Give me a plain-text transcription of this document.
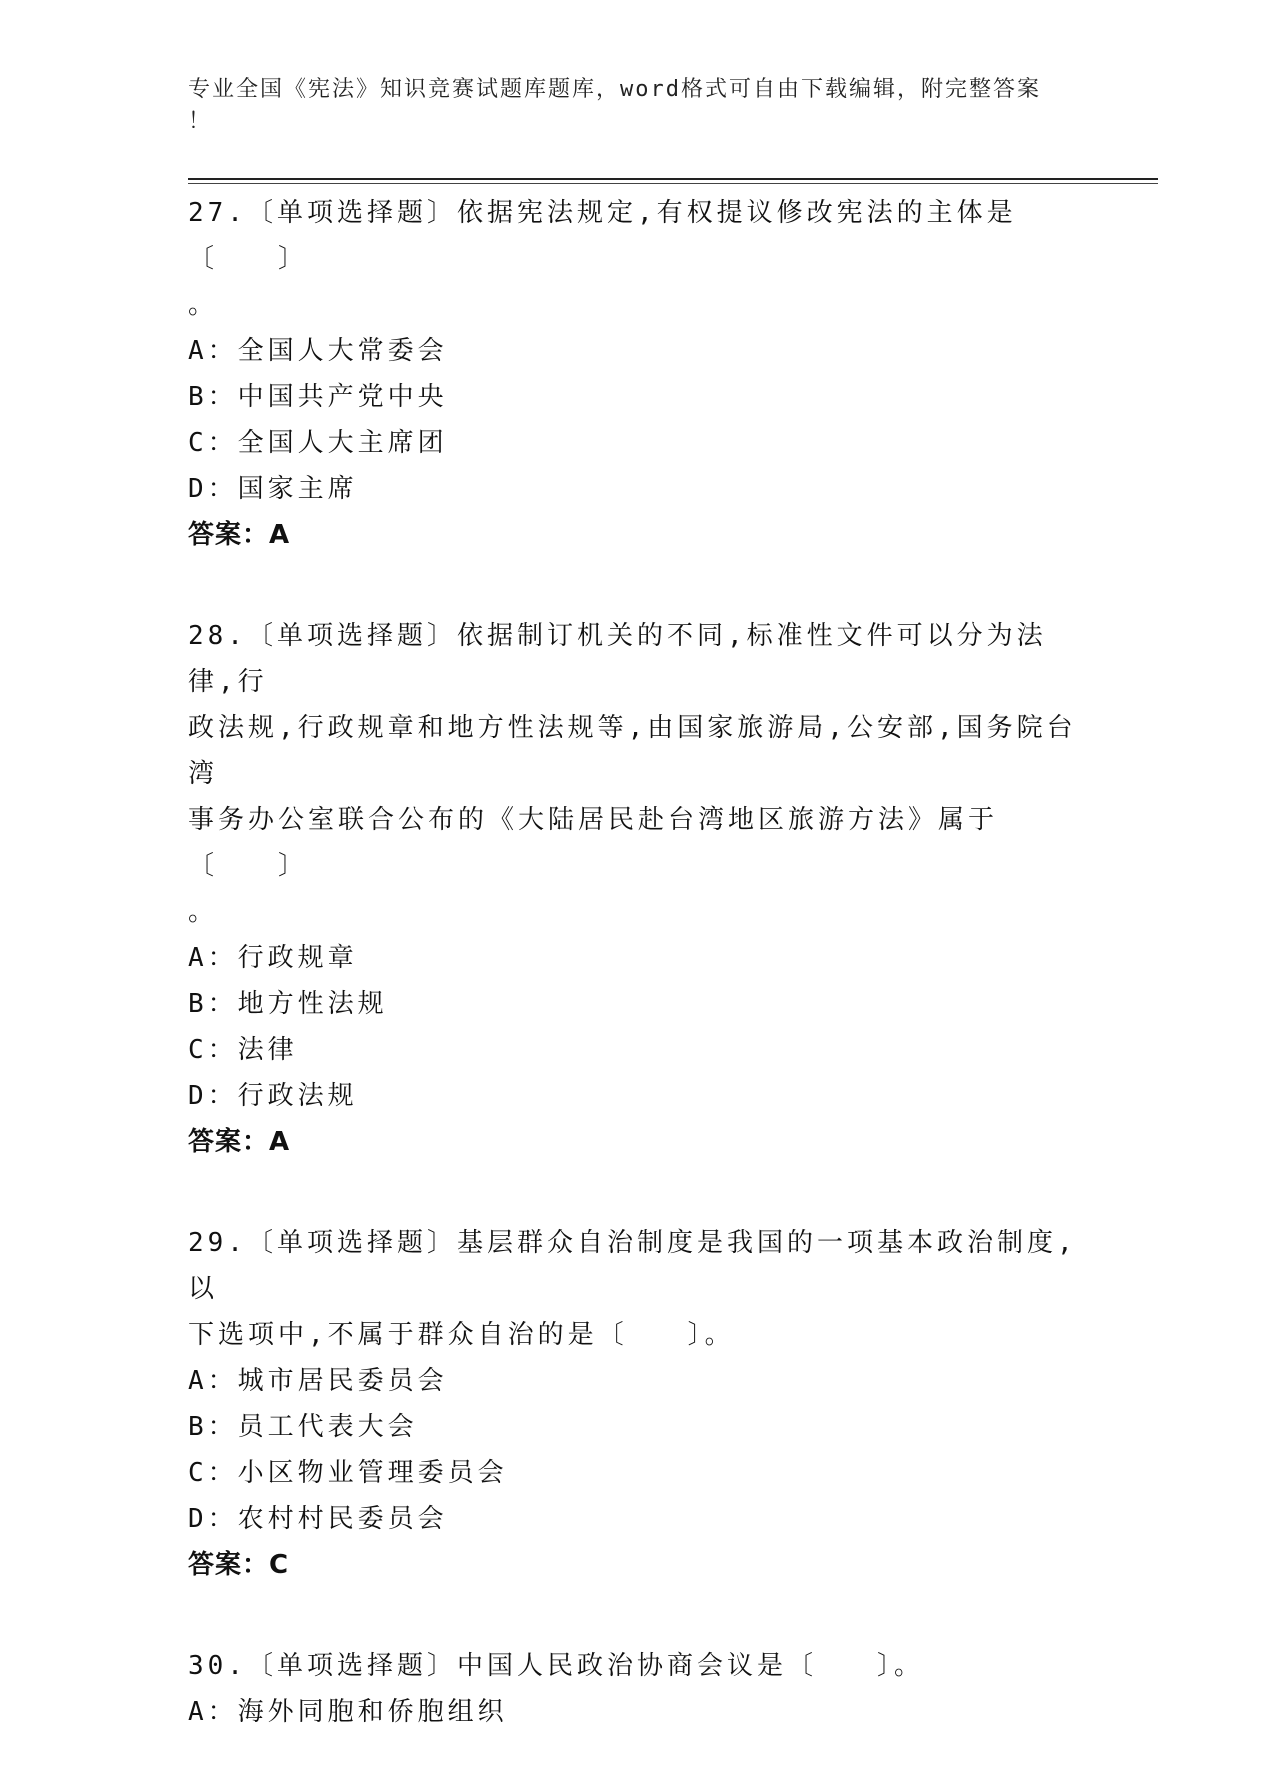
专业全国《宪法》知识竞赛试题库题库，word格式可自由下载编辑，附完整答案
！
27.〔单项选择题〕依据宪法规定,有权提议修改宪法的主体是〔　　〕
。
A：全国人大常委会
B：中国共产党中央
C：全国人大主席团
D：国家主席
答案：A
28.〔单项选择题〕依据制订机关的不同,标准性文件可以分为法律,行
政法规,行政规章和地方性法规等,由国家旅游局,公安部,国务院台湾
事务办公室联合公布的《大陆居民赴台湾地区旅游方法》属于〔　　〕
。
A：行政规章
B：地方性法规
C：法律
D：行政法规
答案：A
29.〔单项选择题〕基层群众自治制度是我国的一项基本政治制度,以
下选项中,不属于群众自治的是〔　　〕。
A：城市居民委员会
B：员工代表大会
C：小区物业管理委员会
D：农村村民委员会
答案：C
30.〔单项选择题〕中国人民政治协商会议是〔　　〕。
A：海外同胞和侨胞组织
